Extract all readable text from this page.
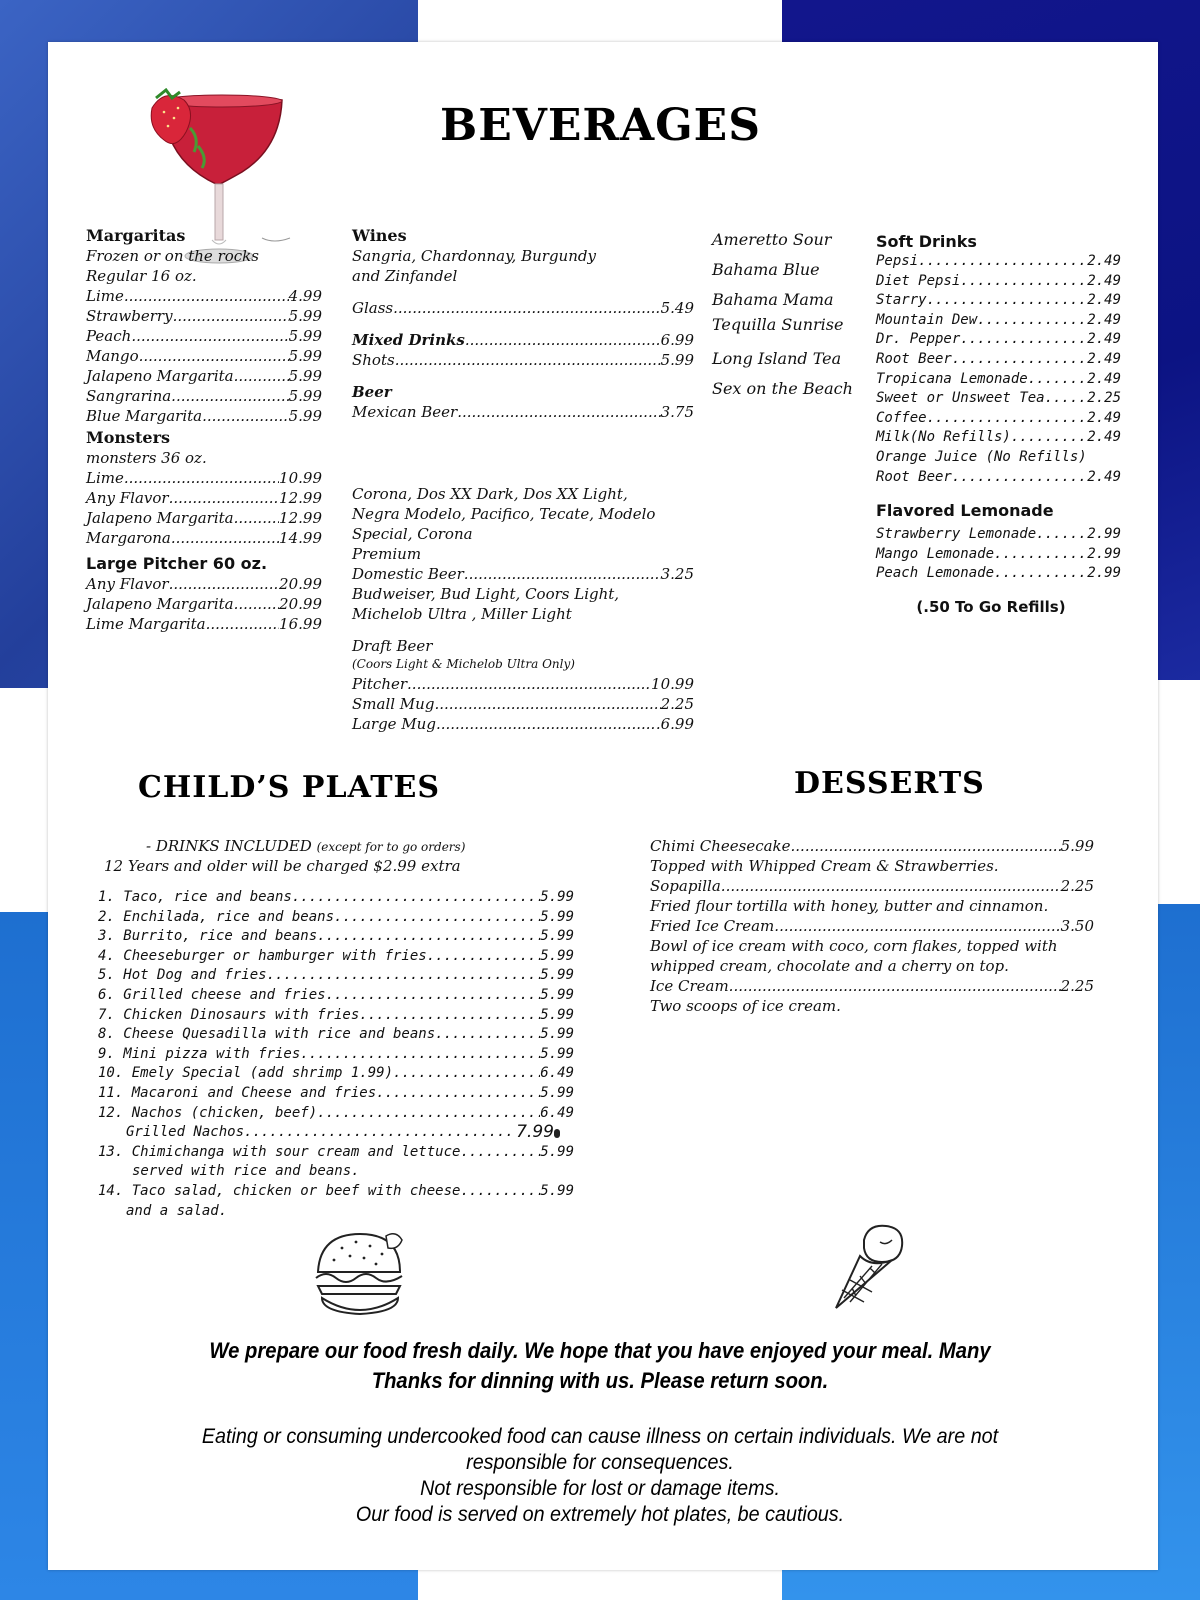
BEVERAGES
Margaritas
Frozen or on the rocks
Regular 16 oz.
Lime .....	4.99
Strawberry .....	5.99
Peach .....	5.99
Mango .....	5.99
Jalapeno Margarita .....	5.99
Sangrarina .....	5.99
Blue Margarita .....	5.99
Monsters
monsters 36 oz.
Lime .....	10.99
Any Flavor .....	12.99
Jalapeno Margarita .....	12.99
Margarona .....	14.99
Large Pitcher 60 oz.
Any Flavor .....	20.99
Jalapeno Margarita .....	20.99
Lime Margarita .....	16.99
Wines
Sangria, Chardonnay, Burgundy
and Zinfandel
Glass .....	5.49
Mixed Drinks .....	6.99
Shots .....	5.99
Beer
Mexican Beer .....	3.75
Corona, Dos XX Dark, Dos XX Light,
Negra Modelo, Pacifico, Tecate, Modelo
Special, Corona
Premium
Domestic Beer .....	3.25
Budweiser, Bud Light, Coors Light,
Michelob Ultra , Miller Light
Draft Beer
(Coors Light & Michelob Ultra Only)
Pitcher .....	10.99
Small Mug .....	2.25
Large Mug .....	.6.99
Ameretto Sour
Bahama Blue
Bahama Mama
Tequilla Sunrise
Long Island Tea
Sex on the Beach
Soft Drinks
Pepsi .....	2.49
Diet Pepsi .....	2.49
Starry .....	2.49
Mountain Dew .....	2.49
Dr. Pepper .....	2.49
Root Beer .....	2.49
Tropicana Lemonade .....	2.49
Sweet or Unsweet Tea .....	2.25
Coffee .....	2.49
Milk(No Refills) .....	2.49
Orange Juice (No Refills)
Root Beer .....	2.49
Flavored Lemonade
Strawberry Lemonade .....	2.99
Mango Lemonade .....	2.99
Peach Lemonade .....	2.99
(.50 To Go Refills)
CHILD’S PLATES
- DRINKS INCLUDED (except for to go orders)
12 Years and older will be charged $2.99 extra
1. Taco, rice and beans .....	5.99
2. Enchilada, rice and beans .....	5.99
3. Burrito, rice and beans .....	5.99
4. Cheeseburger or hamburger with fries .....	5.99
5. Hot Dog and fries .....	5.99
6. Grilled cheese and fries .....	5.99
7. Chicken Dinosaurs with fries .....	5.99
8. Cheese Quesadilla with rice and beans .....	5.99
9. Mini pizza with fries .....	5.99
10. Emely Special (add shrimp 1.99) .....	6.49
11. Macaroni and Cheese and fries .....	5.99
12. Nachos (chicken, beef) .....	6.49
Grilled Nachos .....	7.99
13. Chimichanga with sour cream and lettuce .....	5.99
served with rice and beans.
14. Taco salad, chicken or beef with cheese .....	5.99
and a salad.
DESSERTS
Chimi Cheesecake .....	5.99
Topped with Whipped Cream & Strawberries.
Sopapilla .....	2.25
Fried flour tortilla with honey, butter and cinnamon.
Fried Ice Cream .....	3.50
Bowl of ice cream with coco, corn flakes, topped with
whipped cream, chocolate and a cherry on top.
Ice Cream .....	2.25
Two scoops of ice cream.
We prepare our food fresh daily. We hope that you have enjoyed your meal. Many
Thanks for dinning with us. Please return soon.
Eating or consuming undercooked food can cause illness on certain individuals. We are not
responsible for consequences.
Not responsible for lost or damage items.
Our food is served on extremely hot plates, be cautious.
